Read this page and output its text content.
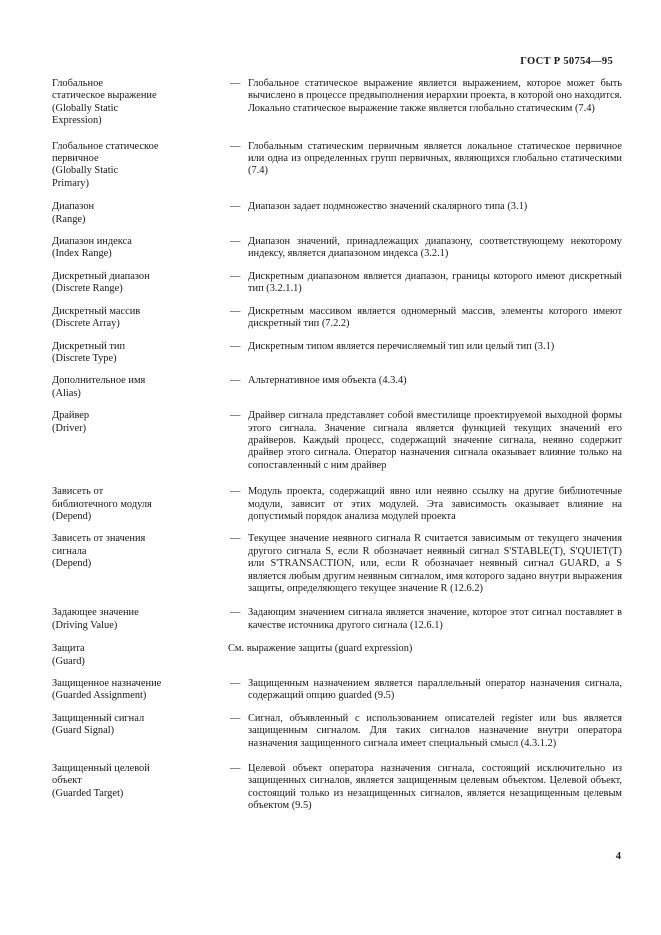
ГОСТ Р 50754—95
Глобальное
статическое выражение
(Globally Static
Expression)
— Глобальное статическое выражение является выражением, которое может быть вычислено в процессе предвыполнения иерархии проекта, в которой оно находится. Локально статическое выражение также является глобально статическим (7.4)
Глобальное статическое
первичное
(Globally Static
Primary)
— Глобальным статическим первичным является локальное статическое первичное или одна из определенных групп первичных, являющихся глобально статическими (7.4)
Диапазон
(Range)
— Диапазон задает подмножество значений скалярного типа (3.1)
Диапазон индекса
(Index Range)
— Диапазон значений, принадлежащих диапазону, соответствующему некоторому индексу, является диапазоном индекса (3.2.1)
Дискретный диапазон
(Discrete Range)
— Дискретным диапазоном является диапазон, границы которого имеют дискретный тип (3.2.1.1)
Дискретный массив
(Discrete Array)
— Дискретным массивом является одномерный массив, элементы которого имеют дискретный тип (7.2.2)
Дискретный тип
(Discrete Type)
— Дискретным типом является перечисляемый тип или целый тип (3.1)
Дополнительное имя
(Alias)
— Альтернативное имя объекта (4.3.4)
Драйвер
(Driver)
— Драйвер сигнала представляет собой вместилище проектируемой выходной формы этого сигнала. Значение сигнала является функцией текущих значений его драйверов. Каждый процесс, содержащий значение сигнала, неявно содержит драйвер этого сигнала. Оператор назначения сигнала оказывает влияние только на сопоставленный с ним драйвер
Зависеть от
библиотечного модуля
(Depend)
— Модуль проекта, содержащий явно или неявно ссылку на другие библиотечные модули, зависит от этих модулей. Эта зависимость оказывает влияние на допустимый порядок анализа модулей проекта
Зависеть от значения
сигнала
(Depend)
— Текущее значение неявного сигнала R считается зависимым от текущего значения другого сигнала S, если R обозначает неявный сигнал S'STABLE(T), S'QUIET(T) или S'TRANSACTION, или, если R обозначает неявный сигнал GUARD, а S является любым другим неявным сигналом, имя которого задано внутри выражения защиты, определяющего текущее значение R (12.6.2)
Задающее значение
(Driving Value)
— Задающим значением сигнала является значение, которое этот сигнал поставляет в качестве источника другого сигнала (12.6.1)
Защита
(Guard)
См. выражение защиты (guard expression)
Защищенное назначение
(Guarded Assignment)
— Защищенным назначением является параллельный оператор назначения сигнала, содержащий опцию guarded (9.5)
Защищенный сигнал
(Guard Signal)
— Сигнал, объявленный с использованием описателей register или bus является защищенным сигналом. Для таких сигналов назначение внутри оператора назначения защищенного сигнала имеет специальный смысл (4.3.1.2)
Защищенный целевой
объект
(Guarded Target)
— Целевой объект оператора назначения сигнала, состоящий исключительно из защищенных сигналов, является защищенным целевым объектом. Целевой объект, состоящий только из незащищенных сигналов, является незащищенным целевым объектом (9.5)
4
